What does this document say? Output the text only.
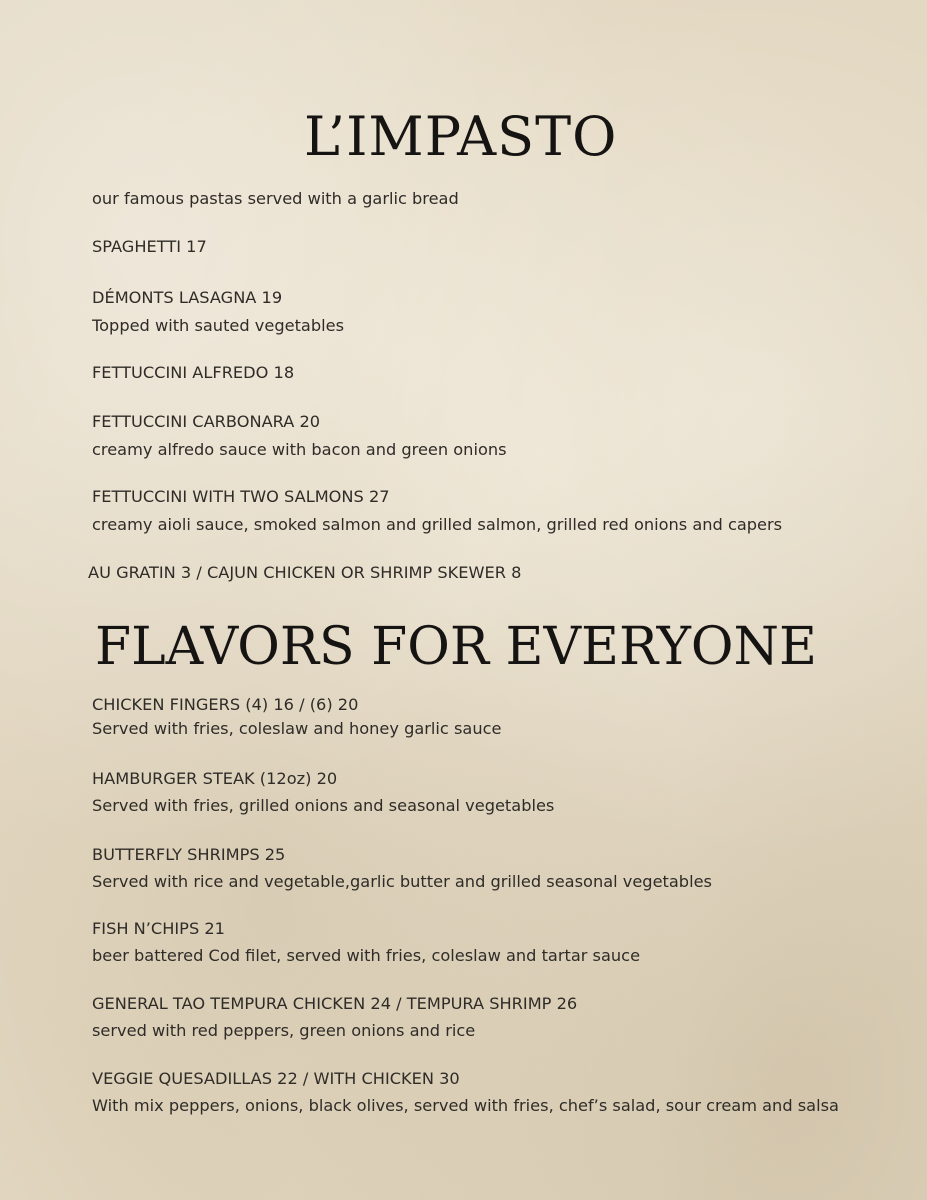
L’IMPASTO

our famous pastas served with a garlic bread

SPAGHETTI 17

DÉMONTS LASAGNA 19

Topped with sauted vegetables

FETTUCCINI ALFREDO 18

FETTUCCINI CARBONARA 20

creamy alfredo sauce with bacon and green onions

FETTUCCINI WITH TWO SALMONS 27

creamy aioli sauce, smoked salmon and grilled salmon, grilled red onions and capers

AU GRATIN 3 / CAJUN CHICKEN OR SHRIMP SKEWER 8

FLAVORS FOR EVERYONE

CHICKEN FINGERS (4) 16 / (6) 20

Served with fries, coleslaw and honey garlic sauce

HAMBURGER STEAK (12oz) 20

Served with fries, grilled onions and seasonal vegetables

BUTTERFLY SHRIMPS 25

Served with rice and vegetable,garlic butter and grilled seasonal vegetables

FISH N’CHIPS 21

beer battered Cod filet, served with fries, coleslaw and tartar sauce

GENERAL TAO TEMPURA CHICKEN 24 / TEMPURA SHRIMP 26

served with red peppers, green onions and rice

VEGGIE QUESADILLAS 22 / WITH CHICKEN 30

With mix peppers, onions, black olives, served with fries, chef’s salad, sour cream and salsa
